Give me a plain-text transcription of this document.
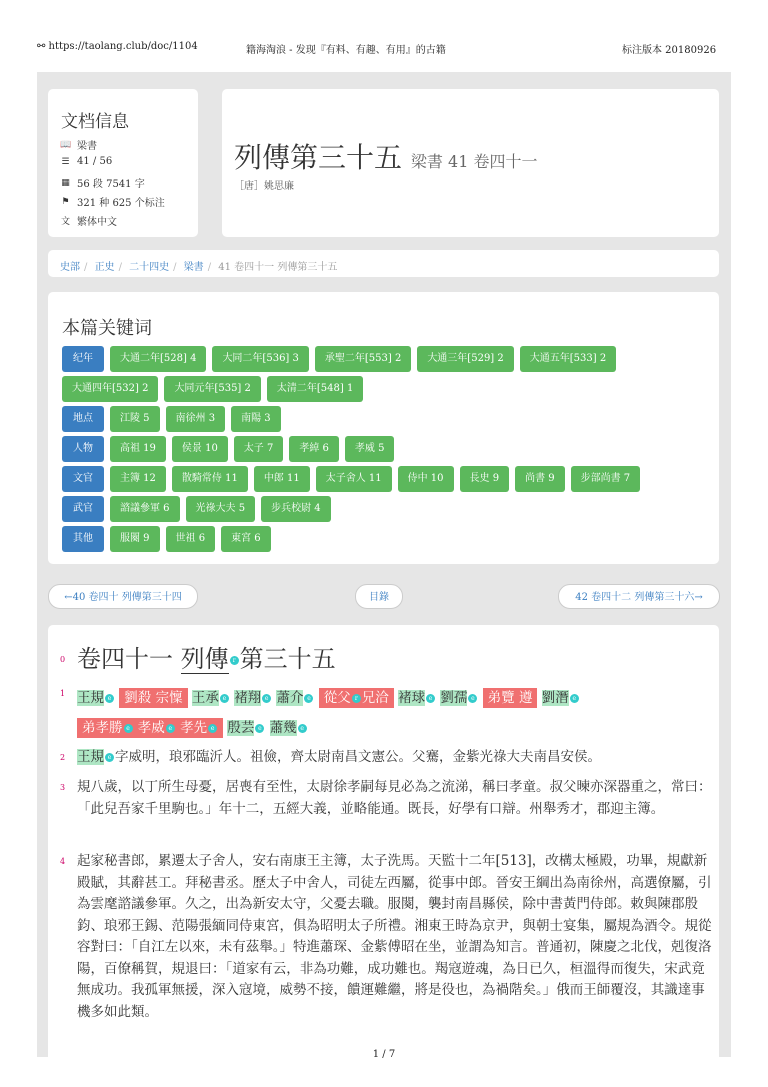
⚯ https://taolang.club/doc/1104	籍海淘浪 - 发现『有料、有趣、有用』的古籍	标注版本 20180926
文档信息
📖 梁書
☰ 41 / 56
▦ 56 段 7541 字
⚑ 321 种 625 个标注
文 繁体中文
列傳第三十五 梁書 41 卷四十一
［唐］姚思廉
史部 / 正史 / 二十四史 / 梁書 / 41 卷四十一 列傳第三十五
本篇关键词
纪年	大通二年[528] 4	大同二年[536] 3	承聖二年[553] 2	大通三年[529] 2	大通五年[533] 2
大通四年[532] 2	大同元年[535] 2	太清二年[548] 1
地点	江陵 5	南徐州 3	南陽 3
人物	高祖 19	侯景 10	太子 7	孝綽 6	孝威 5
文官	主簿 12	散騎常侍 11	中郎 11	太子舍人 11	侍中 10	長史 9	尚書 9	步部尚書 7
武官	諮議參軍 6	光祿大夫 5	步兵校尉 4
其他	服闋 9	世祖 6	東宮 6
←40 卷四十 列傳第三十四	目錄	42 卷四十二 列傳第三十六→
0 卷四十一 列傳 r 第三十五
1 王規 e 劉殺 宗懍 王承 e 褚翔 e 蕭介 e 從父 r 兄洽 褚球 e 劉孺 e 弟覽 遵 劉潛 e
弟孝勝 e 孝威 e 孝先 e 殷芸 e 蕭幾 e
2 王規 e 字威明，琅邪臨沂人。祖儉，齊太尉南昌文憲公。父騫，金紫光祿大夫南昌安侯。
3 規八歲，以丁所生母憂，居喪有至性，太尉徐孝嗣每見必為之流涕，稱曰孝童。叔父暕亦深器重之，常曰：「此兒吾家千里駒也。」年十二，五經大義，並略能通。既長，好學有口辯。州舉秀才，郡迎主簿。
4 起家秘書郎，累遷太子舍人，安右南康王主簿，太子洗馬。天監十二年[513]，改構太極殿，功畢，規獻新殿賦，其辭甚工。拜秘書丞。歷太子中舍人，司徒左西屬，從事中郎。晉安王綱出為南徐州，高選僚屬，引為雲麾諮議參軍。久之，出為新安太守，父憂去職。服闋，襲封南昌縣侯，除中書黃門侍郎。敕與陳郡殷鈞、琅邪王錫、范陽張緬同侍東宮，俱為昭明太子所禮。湘東王時為京尹，與朝士宴集，屬規為酒令。規從容對曰：「自江左以來，未有茲舉。」特進蕭琛、金紫傅昭在坐，並謂為知言。普通初，陳慶之北伐，剋復洛陽，百僚稱賀，規退曰：「道家有云，非為功難，成功難也。羯寇遊魂，為日已久，桓溫得而復失，宋武竟無成功。我孤軍無援，深入寇境，威勢不接，饋運難繼，將是役也，為禍階矣。」俄而王師覆沒，其識達事機多如此類。
1 / 7
